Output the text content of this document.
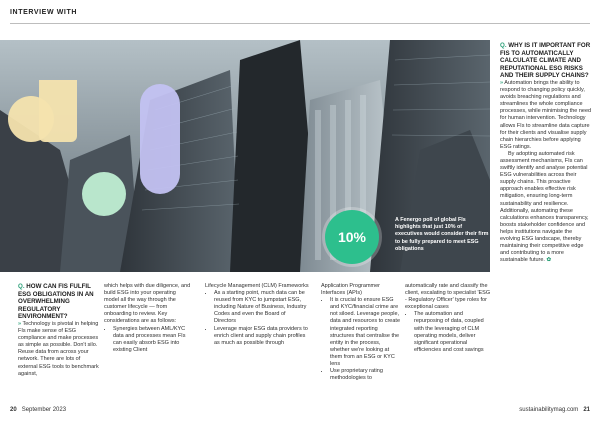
INTERVIEW WITH
10%
A Fenergo poll of global FIs highlights that just 10% of executives would consider their firm to be fully prepared to meet ESG obligations

Q. HOW CAN FIS FULFIL ESG OBLIGATIONS IN AN OVERWHELMING REGULATORY ENVIRONMENT?

» Technology is pivotal in helping FIs make sense of ESG compliance and make processes as simple as possible. Don't silo. Reuse data from across your network. There are lots of external ESG tools to benchmark against,

which helps with due diligence, and build ESG into your operating model all the way through the customer lifecycle — from onboarding to review. Key considerations are as follows:

• Synergies between AML/KYC data and processes mean FIs can easily absorb ESG into existing Client

Lifecycle Management (CLM) Frameworks

• As a starting point, much data can be reused from KYC to jumpstart ESG, including Nature of Business, Industry Codes and even the Board of Directors
• Leverage major ESG data providers to enrich client and supply chain profiles as much as possible through

Application Programmer Interfaces (APIs)

• It is crucial to ensure ESG and KYC/financial crime are not siloed. Leverage people, data and resources to create integrated reporting structures that centralise the entity in the process, whether we're looking at them from an ESG or KYC lens
• Use proprietary rating methodologies to

automatically rate and classify the client, escalating to specialist 'ESG - Regulatory Officer' type roles for exceptional cases

• The automation and repurposing of data, coupled with the leveraging of CLM operating models, deliver significant operational efficiencies and cost savings

Q. WHY IS IT IMPORTANT FOR FIS TO AUTOMATICALLY CALCULATE CLIMATE AND REPUTATIONAL ESG RISKS AND THEIR SUPPLY CHAINS?

» Automation brings the ability to respond to changing policy quickly, avoids breaching regulations and streamlines the whole compliance processes, while minimising the need for human intervention. Technology allows FIs to streamline data capture for their clients and visualise supply chain hierarchies before applying ESG ratings.

By adopting automated risk assessment mechanisms, FIs can swiftly identify and analyse potential ESG vulnerabilities across their supply chains. This proactive approach enables effective risk mitigation, ensuring long-term sustainability and resilience. Additionally, automating these calculations enhances transparency, boosts stakeholder confidence and helps institutions navigate the evolving ESG landscape, thereby maintaining their competitive edge and contributing to a more sustainable future. ✿

20 September 2023	sustainabilitymag.com 21
